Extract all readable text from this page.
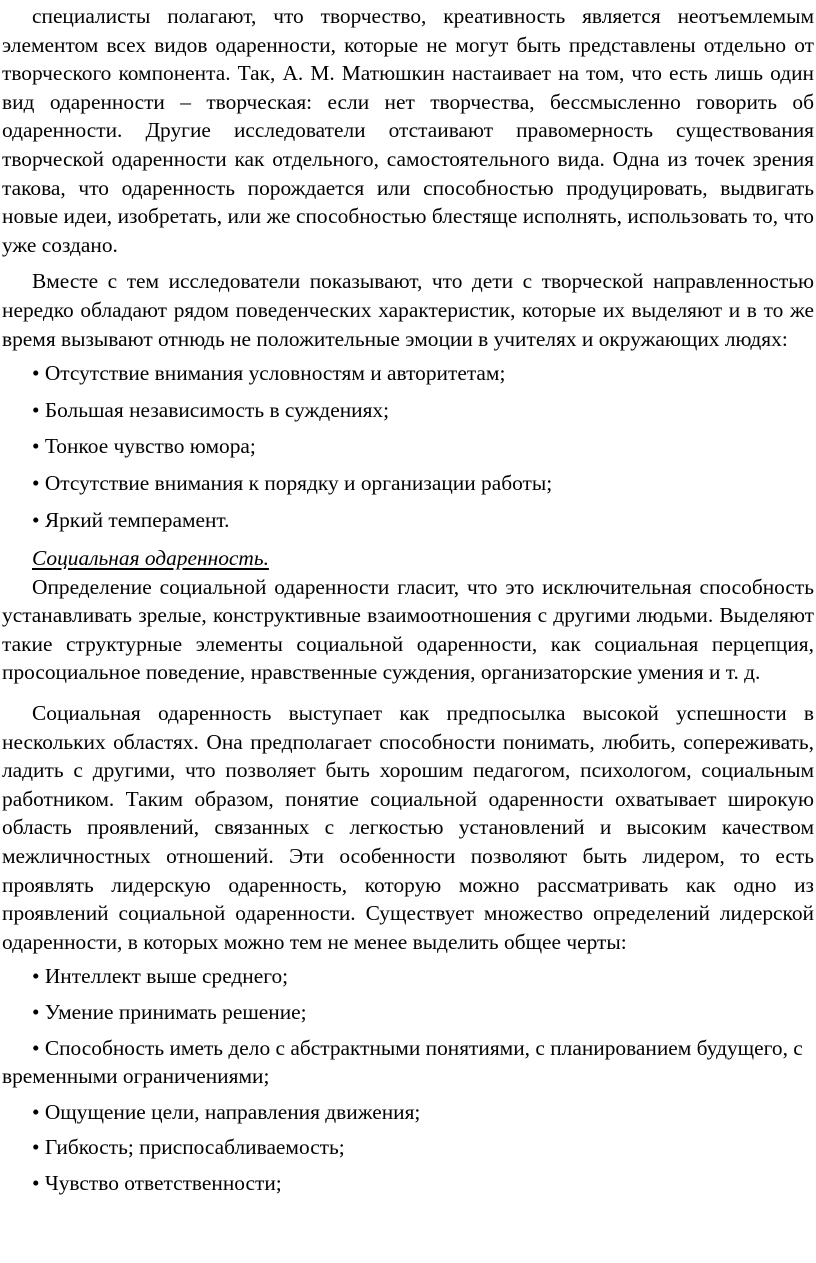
специалисты полагают, что творчество, креативность является неотъемлемым элементом всех видов одаренности, которые не могут быть представлены отдельно от творческого компонента. Так, А. М. Матюшкин настаивает на том, что есть лишь один вид одаренности – творческая: если нет творчества, бессмысленно говорить об одаренности. Другие исследователи отстаивают правомерность существования творческой одаренности как отдельного, самостоятельного вида. Одна из точек зрения такова, что одаренность порождается или способностью продуцировать, выдвигать новые идеи, изобретать, или же способностью блестяще исполнять, использовать то, что уже создано.

Вместе с тем исследователи показывают, что дети с творческой направленностью нередко обладают рядом поведенческих характеристик, которые их выделяют и в то же время вызывают отнюдь не положительные эмоции в учителях и окружающих людях:

• Отсутствие внимания условностям и авторитетам;
• Большая независимость в суждениях;
• Тонкое чувство юмора;
• Отсутствие внимания к порядку и организации работы;
• Яркий темперамент.

Социальная одаренность.

Определение социальной одаренности гласит, что это исключительная способность устанавливать зрелые, конструктивные взаимоотношения с другими людьми. Выделяют такие структурные элементы социальной одаренности, как социальная перцепция, просоциальное поведение, нравственные суждения, организаторские умения и т. д.

Социальная одаренность выступает как предпосылка высокой успешности в нескольких областях. Она предполагает способности понимать, любить, сопереживать, ладить с другими, что позволяет быть хорошим педагогом, психологом, социальным работником. Таким образом, понятие социальной одаренности охватывает широкую область проявлений, связанных с легкостью установлений и высоким качеством межличностных отношений. Эти особенности позволяют быть лидером, то есть проявлять лидерскую одаренность, которую можно рассматривать как одно из проявлений социальной одаренности. Существует множество определений лидерской одаренности, в которых можно тем не менее выделить общее черты:

• Интеллект выше среднего;
• Умение принимать решение;
• Способность иметь дело с абстрактными понятиями, с планированием будущего, с временными ограничениями;
• Ощущение цели, направления движения;
• Гибкость; приспосабливаемость;
• Чувство ответственности;
